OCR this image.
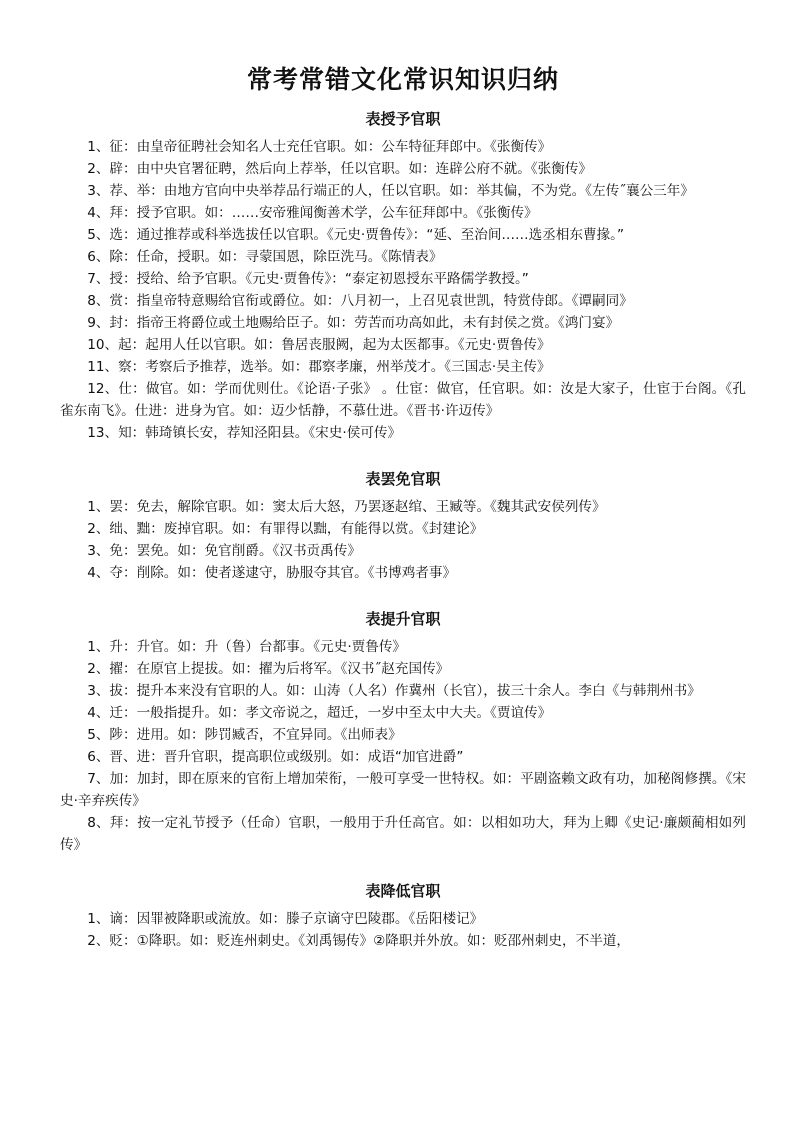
常考常错文化常识知识归纳
表授予官职

1、征：由皇帝征聘社会知名人士充任官职。如：公车特征拜郎中。《张衡传》

2、辟：由中央官署征聘，然后向上荐举，任以官职。如：连辟公府不就。《张衡传》

3、荐、举：由地方官向中央举荐品行端正的人，任以官职。如：举其偏，不为党。《左传˝襄公三年》

4、拜：授予官职。如：……安帝雅闻衡善术学，公车征拜郎中。《张衡传》

5、选：通过推荐或科举选拔任以官职。《元史·贾鲁传》：“延、至治间……选丞相东曹掾。”

6、除：任命，授职。如：寻蒙国恩，除臣洗马。《陈情表》

7、授：授给、给予官职。《元史·贾鲁传》：“泰定初恩授东平路儒学教授。”

8、赏：指皇帝特意赐给官衔或爵位。如：八月初一，上召见袁世凯，特赏侍郎。《谭嗣同》

9、封：指帝王将爵位或土地赐给臣子。如：劳苦而功高如此，未有封侯之赏。《鸿门宴》

10、起：起用人任以官职。如：鲁居丧服阙，起为太医都事。《元史·贾鲁传》

11、察：考察后予推荐，选举。如：郡察孝廉，州举茂才。《三国志·吴主传》

12、仕：做官。如：学而优则仕。《论语·子张》 。仕宦：做官，任官职。如：汝是大家子，仕宦于台阁。《孔雀东南飞》。仕进：进身为官。如：迈少恬静，不慕仕进。《晋书·许迈传》

13、知：韩琦镇长安，荐知泾阳县。《宋史·侯可传》

表罢免官职

1、罢：免去，解除官职。如：窦太后大怒，乃罢逐赵绾、王臧等。《魏其武安侯列传》

2、绌、黜：废掉官职。如：有罪得以黜，有能得以赏。《封建论》

3、免：罢免。如：免官削爵。《汉书贡禹传》

4、夺：削除。如：使者遂逮守，胁服夺其官。《书博鸡者事》

表提升官职

1、升：升官。如：升（鲁）台都事。《元史·贾鲁传》

2、擢：在原官上提拔。如：擢为后将军。《汉书˝赵充国传》

3、拔：提升本来没有官职的人。如：山涛（人名）作冀州（长官），拔三十余人。李白《与韩荆州书》

4、迁：一般指提升。如：孝文帝说之，超迁，一岁中至太中大夫。《贾谊传》

5、陟：进用。如：陟罚臧否，不宜异同。《出师表》

6、晋、进：晋升官职，提高职位或级别。如：成语“加官进爵”

7、加：加封，即在原来的官衔上增加荣衔，一般可享受一世特权。如：平剧盗赖文政有功，加秘阁修撰。《宋史·辛弃疾传》

8、拜：按一定礼节授予（任命）官职，一般用于升任高官。如：以相如功大，拜为上卿《史记·廉颇蔺相如列传》

表降低官职

1、谪：因罪被降职或流放。如：滕子京谪守巴陵郡。《岳阳楼记》

2、贬：①降职。如：贬连州刺史。《刘禹锡传》②降职并外放。如：贬邵州刺史，不半道，
